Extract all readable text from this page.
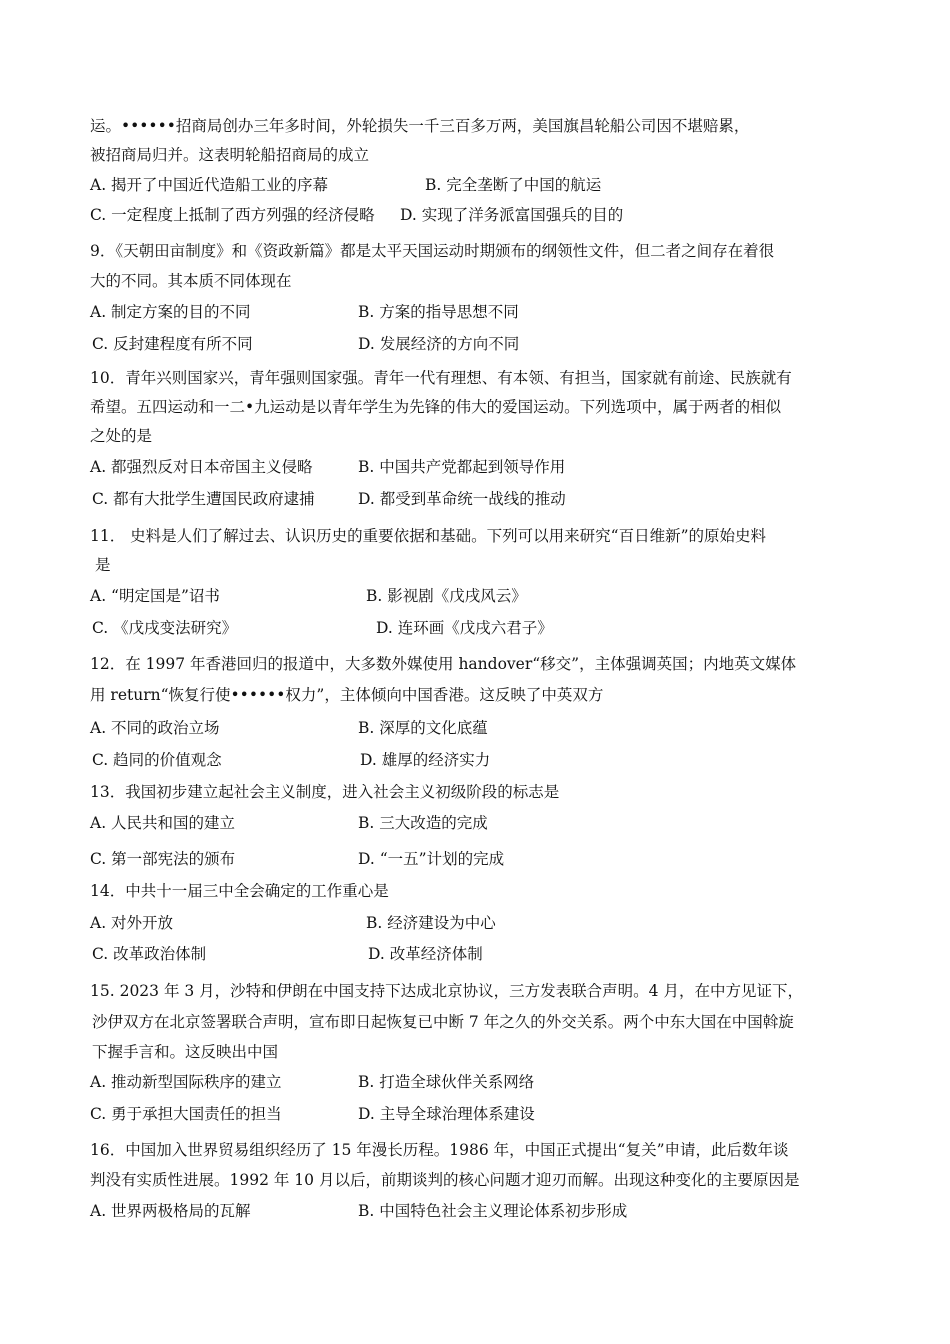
运。••••••招商局创办三年多时间，外轮损失一千三百多万两，美国旗昌轮船公司因不堪赔累，
被招商局归并。这表明轮船招商局的成立
A. 揭开了中国近代造船工业的序幕	B. 完全垄断了中国的航运
C. 一定程度上抵制了西方列强的经济侵略 D. 实现了洋务派富国强兵的目的
9．《天朝田亩制度》和《资政新篇》都是太平天国运动时期颁布的纲领性文件，但二者之间存在着很
大的不同。其本质不同体现在
A. 制定方案的目的不同	B. 方案的指导思想不同
C. 反封建程度有所不同	D. 发展经济的方向不同
10．青年兴则国家兴，青年强则国家强。青年一代有理想、有本领、有担当，国家就有前途、民族就有
希望。五四运动和一二•九运动是以青年学生为先锋的伟大的爱国运动。下列选项中，属于两者的相似
之处的是
A. 都强烈反对日本帝国主义侵略	B. 中国共产党都起到领导作用
C. 都有大批学生遭国民政府逮捕	D. 都受到革命统一战线的推动
11． 史料是人们了解过去、认识历史的重要依据和基础。下列可以用来研究“百日维新”的原始史料
是
A. “明定国是”诏书	B. 影视剧《戊戌风云》
C. 《戊戌变法研究》	D. 连环画《戊戌六君子》
12．在 1997 年香港回归的报道中，大多数外媒使用 handover“移交”，主体强调英国；内地英文媒体
用 return“恢复行使••••••权力”，主体倾向中国香港。这反映了中英双方
A. 不同的政治立场	B. 深厚的文化底蕴
C. 趋同的价值观念	D. 雄厚的经济实力
13．我国初步建立起社会主义制度，进入社会主义初级阶段的标志是
A. 人民共和国的建立	B. 三大改造的完成
C. 第一部宪法的颁布	D. “一五”计划的完成
14．中共十一届三中全会确定的工作重心是
A. 对外开放	B. 经济建设为中心
C. 改革政治体制	D. 改革经济体制
15. 2023 年 3 月，沙特和伊朗在中国支持下达成北京协议，三方发表联合声明。4 月，在中方见证下，
沙伊双方在北京签署联合声明，宣布即日起恢复已中断 7 年之久的外交关系。两个中东大国在中国斡旋
下握手言和。这反映出中国
A. 推动新型国际秩序的建立	B. 打造全球伙伴关系网络
C. 勇于承担大国责任的担当	D. 主导全球治理体系建设
16．中国加入世界贸易组织经历了 15 年漫长历程。1986 年，中国正式提出“复关”申请，此后数年谈
判没有实质性进展。1992 年 10 月以后，前期谈判的核心问题才迎刃而解。出现这种变化的主要原因是
A. 世界两极格局的瓦解	B. 中国特色社会主义理论体系初步形成
